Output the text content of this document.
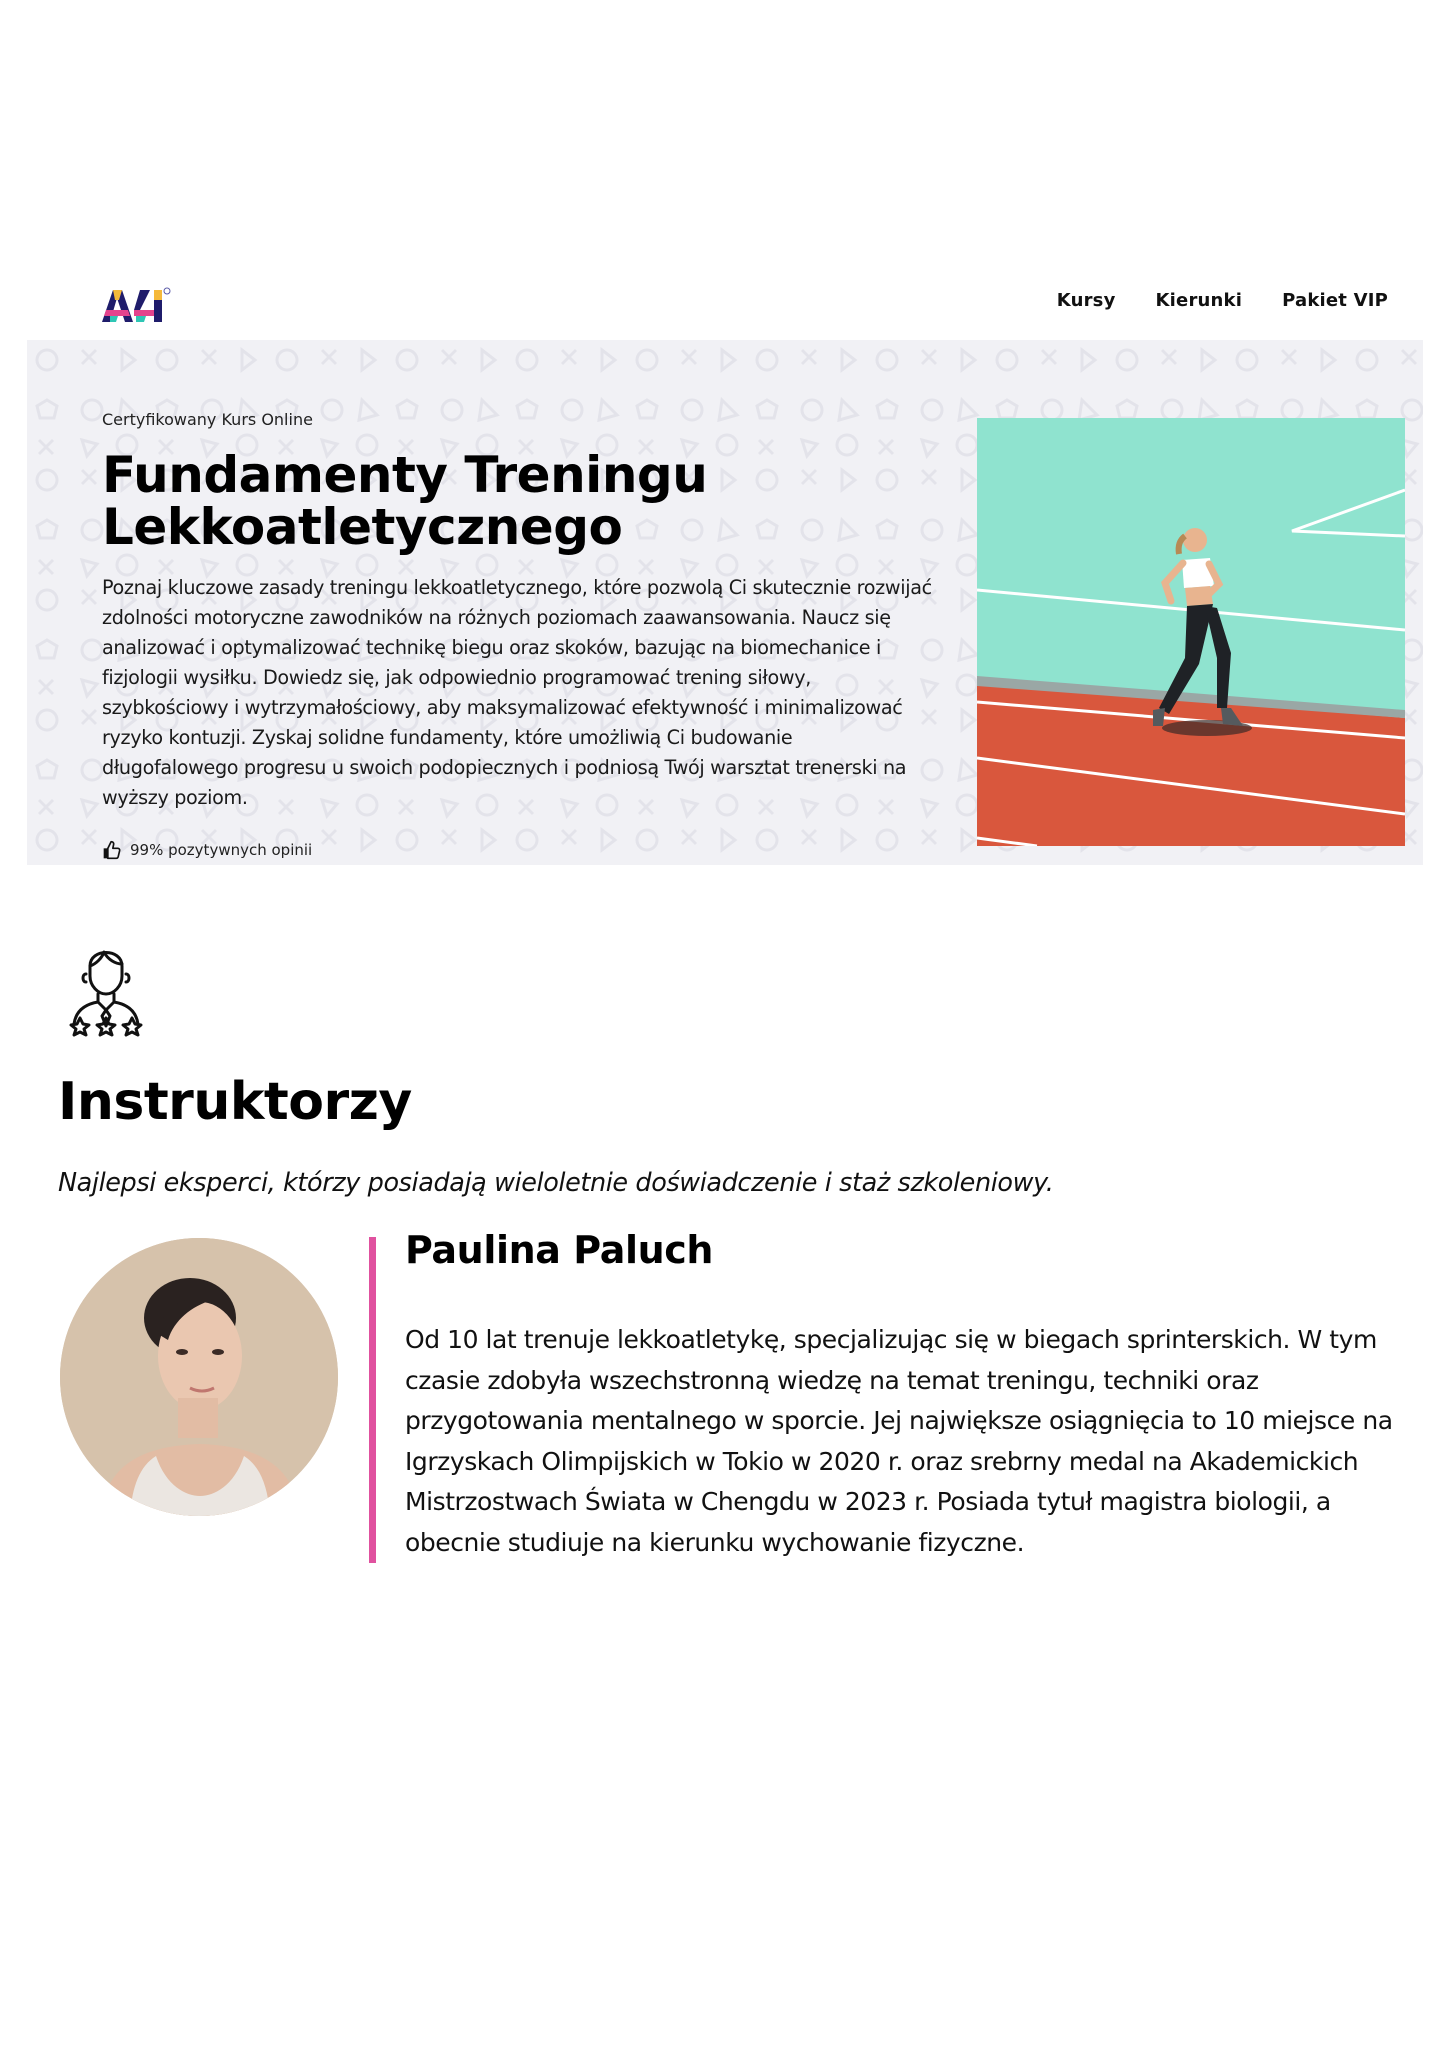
Kursy Kierunki Pakiet VIP

Certyfikowany Kurs Online

Fundamenty Treningu
Lekkoatletycznego

Poznaj kluczowe zasady treningu lekkoatletycznego, które pozwolą Ci skutecznie rozwijać zdolności motoryczne zawodników na różnych poziomach zaawansowania. Naucz się analizować i optymalizować technikę biegu oraz skoków, bazując na biomechanice i fizjologii wysiłku. Dowiedz się, jak odpowiednio programować trening siłowy, szybkościowy i wytrzymałościowy, aby maksymalizować efektywność i minimalizować ryzyko kontuzji. Zyskaj solidne fundamenty, które umożliwią Ci budowanie długofalowego progresu u swoich podopiecznych i podniosą Twój warsztat trenerski na wyższy poziom.

99% pozytywnych opinii
Instruktorzy

Najlepsi eksperci, którzy posiadają wieloletnie doświadczenie i staż szkoleniowy.

Paulina Paluch

Od 10 lat trenuje lekkoatletykę, specjalizując się w biegach sprinterskich. W tym czasie zdobyła wszechstronną wiedzę na temat treningu, techniki oraz przygotowania mentalnego w sporcie. Jej największe osiągnięcia to 10 miejsce na Igrzyskach Olimpijskich w Tokio w 2020 r. oraz srebrny medal na Akademickich Mistrzostwach Świata w Chengdu w 2023 r. Posiada tytuł magistra biologii, a obecnie studiuje na kierunku wychowanie fizyczne.
